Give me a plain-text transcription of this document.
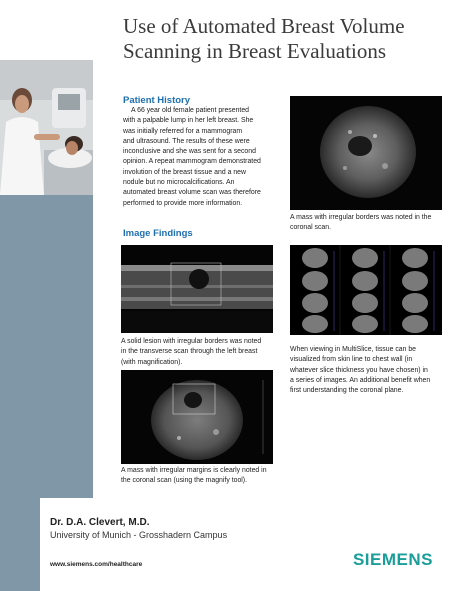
Use of Automated Breast Volume Scanning in Breast Evaluations
Patient History
A 66 year old female patient presented
with a palpable lump in her left breast. She
was initially referred for a mammogram
and ultrasound. The results of these were
inconclusive and she was sent for a second
opinion. A repeat mammogram demonstrated
involution of the breast tissue and a new
nodule but no microcalcifications. An
automated breast volume scan was therefore
performed to provide more information.
Image Findings
A mass with irregular borders was noted in the
coronal scan.
A solid lesion with irregular borders was noted
in the transverse scan through the left breast
(with magnification).
When viewing in MultiSlice, tissue can be
visualized from skin line to chest wall (in
whatever slice thickness you have chosen) in
a series of images. An additional benefit when
first understanding the coronal plane.
A mass with irregular margins is clearly noted in
the coronal scan (using the magnify tool).
Dr. D.A. Clevert, M.D.
University of Munich - Grosshadern Campus
www.siemens.com/healthcare	SIEMENS
